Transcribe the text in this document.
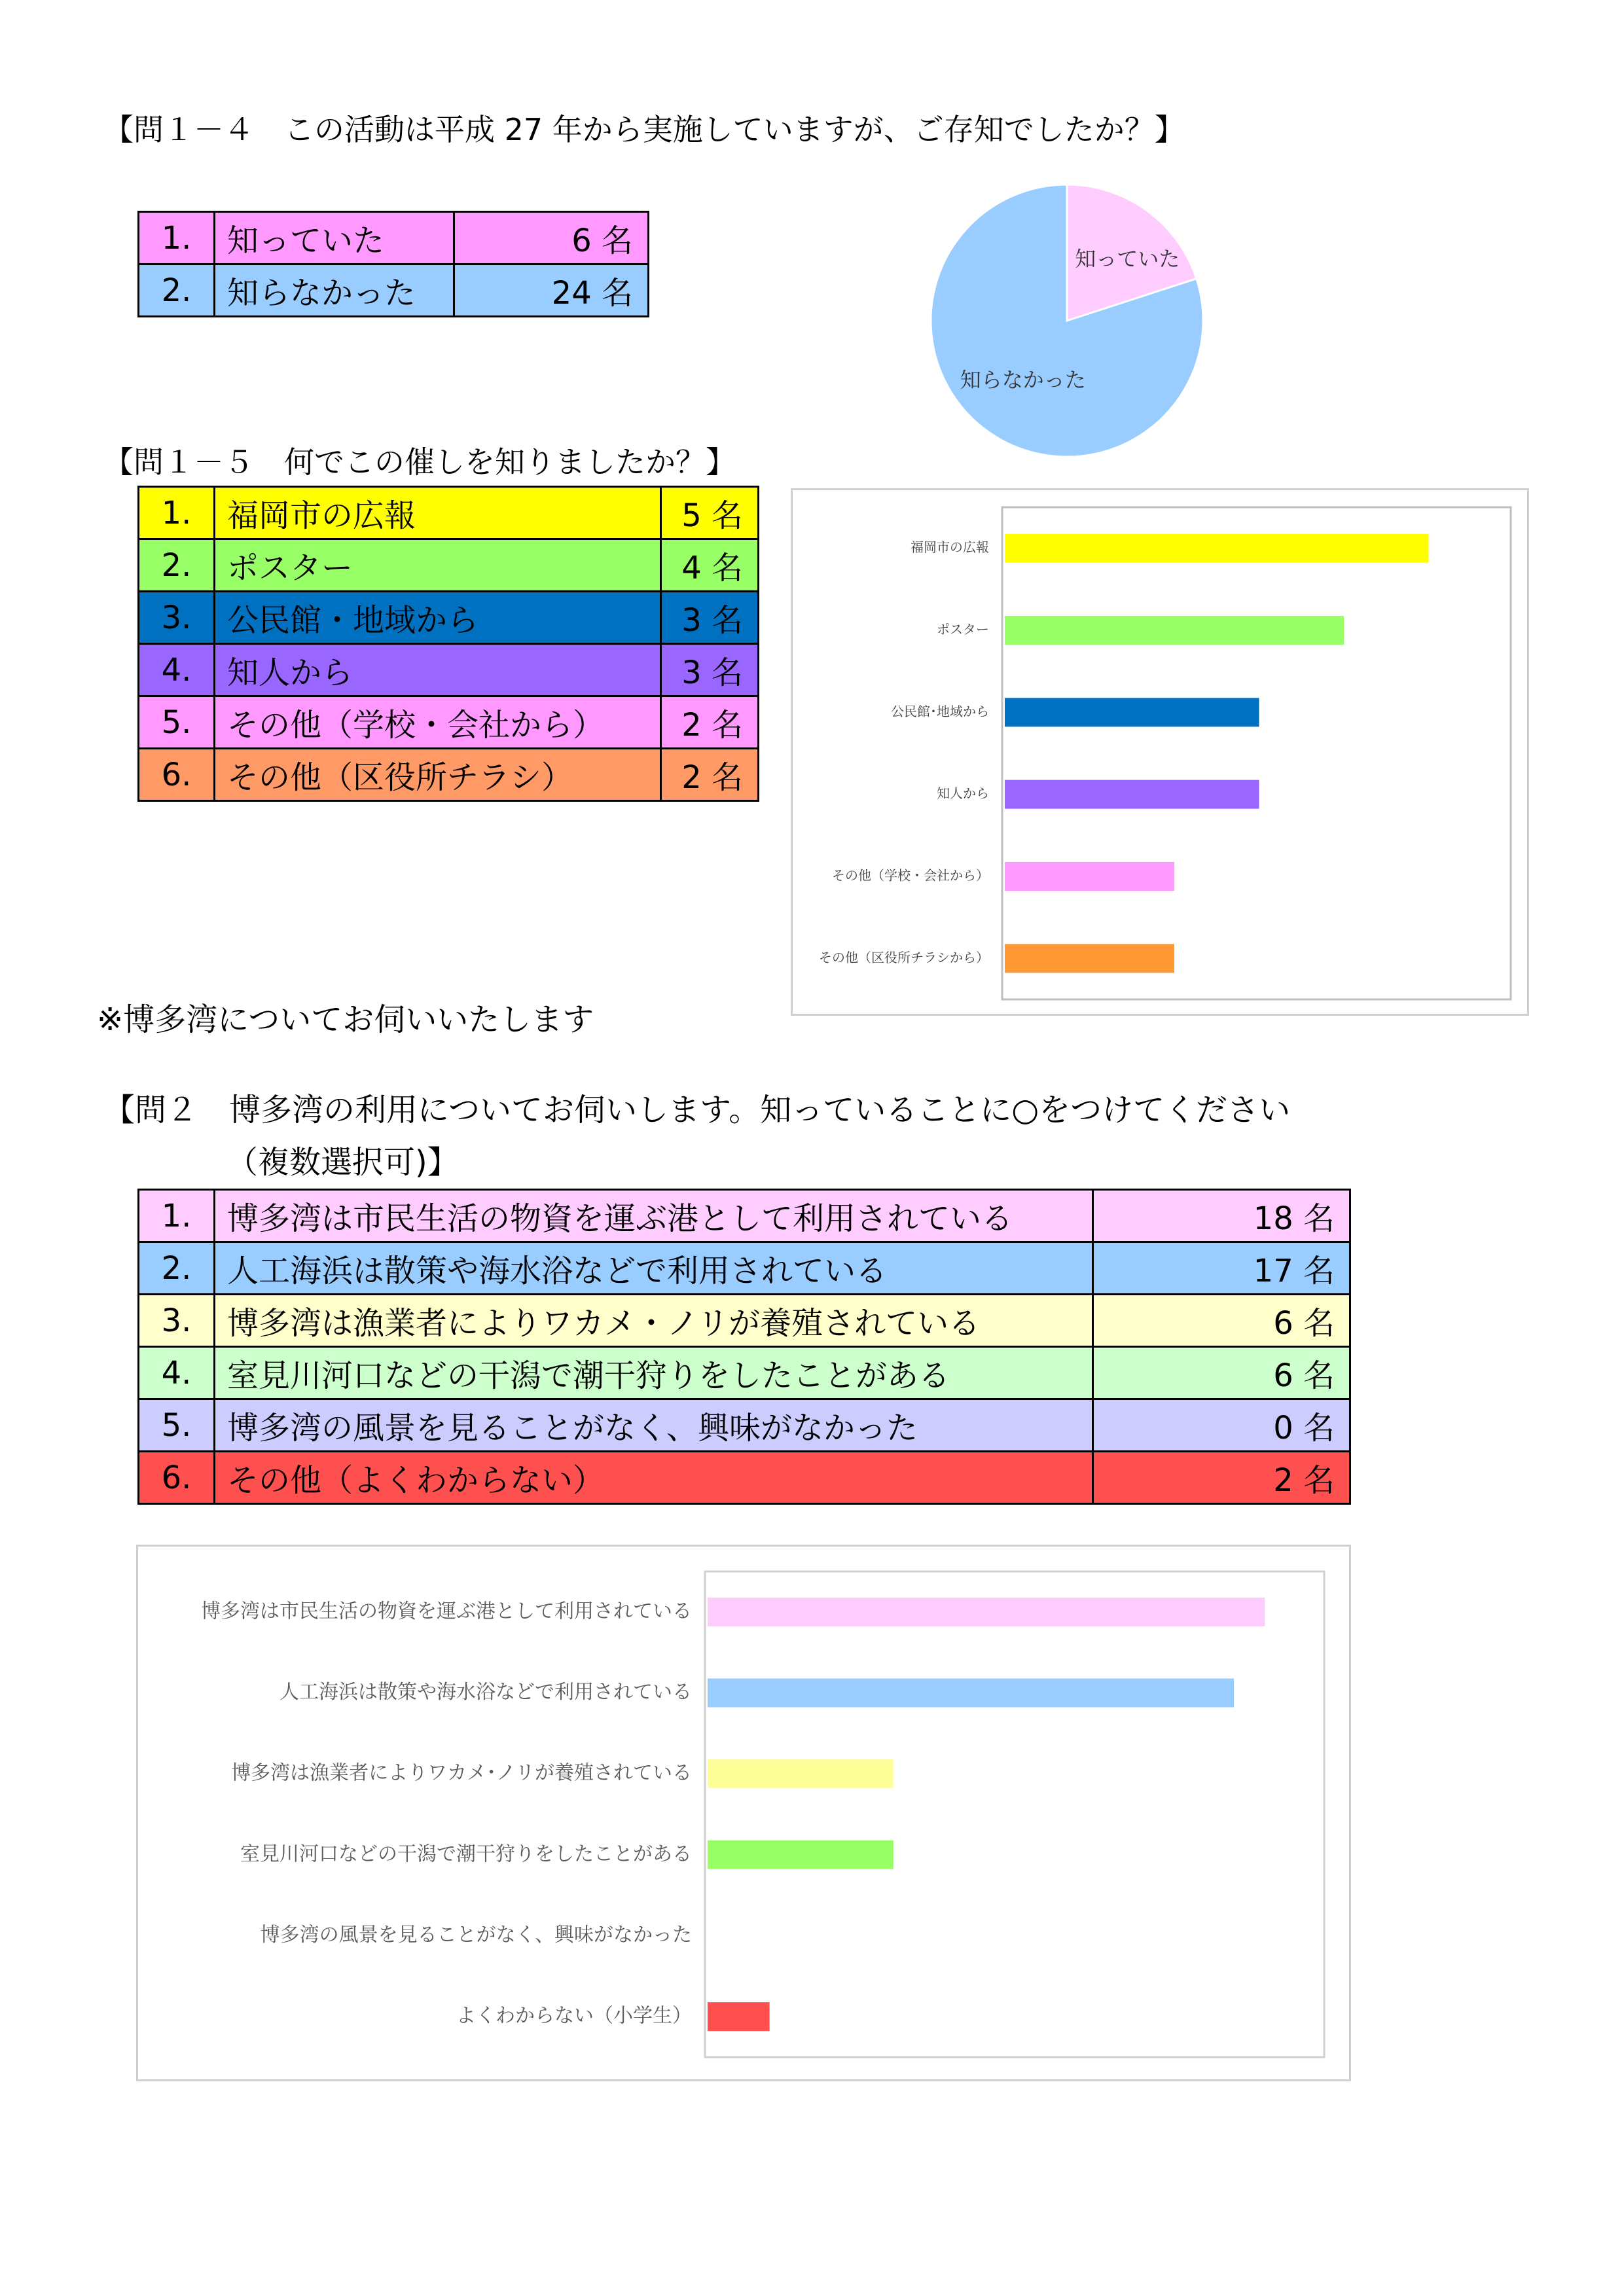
【問１－４　この活動は平成 27 年から実施していますが、ご存知でしたか？】
1.	知っていた	6 名
2.	知らなかった	24 名
知っていた
知らなかった
【問１－５　何でこの催しを知りましたか？】
1.	福岡市の広報	5 名
2.	ポスター	4 名
3.	公民館・地域から	3 名
4.	知人から	3 名
5.	その他（学校・会社から）	2 名
6.	その他（区役所チラシ）	2 名
福岡市の広報
ポスター
公民館･地域から
知人から
その他（学校・会社から）
その他（区役所チラシから）
※博多湾についてお伺いいたします
【問２　博多湾の利用についてお伺いします。知っていることに○をつけてください
（複数選択可)】
1.	博多湾は市民生活の物資を運ぶ港として利用されている	18 名
2.	人工海浜は散策や海水浴などで利用されている	17 名
3.	博多湾は漁業者によりワカメ・ノリが養殖されている	6 名
4.	室見川河口などの干潟で潮干狩りをしたことがある	6 名
5.	博多湾の風景を見ることがなく、興味がなかった	0 名
6.	その他（よくわからない）	2 名
博多湾は市民生活の物資を運ぶ港として利用されている
人工海浜は散策や海水浴などで利用されている
博多湾は漁業者によりワカメ･ノリが養殖されている
室見川河口などの干潟で潮干狩りをしたことがある
博多湾の風景を見ることがなく、興味がなかった
よくわからない（小学生）
